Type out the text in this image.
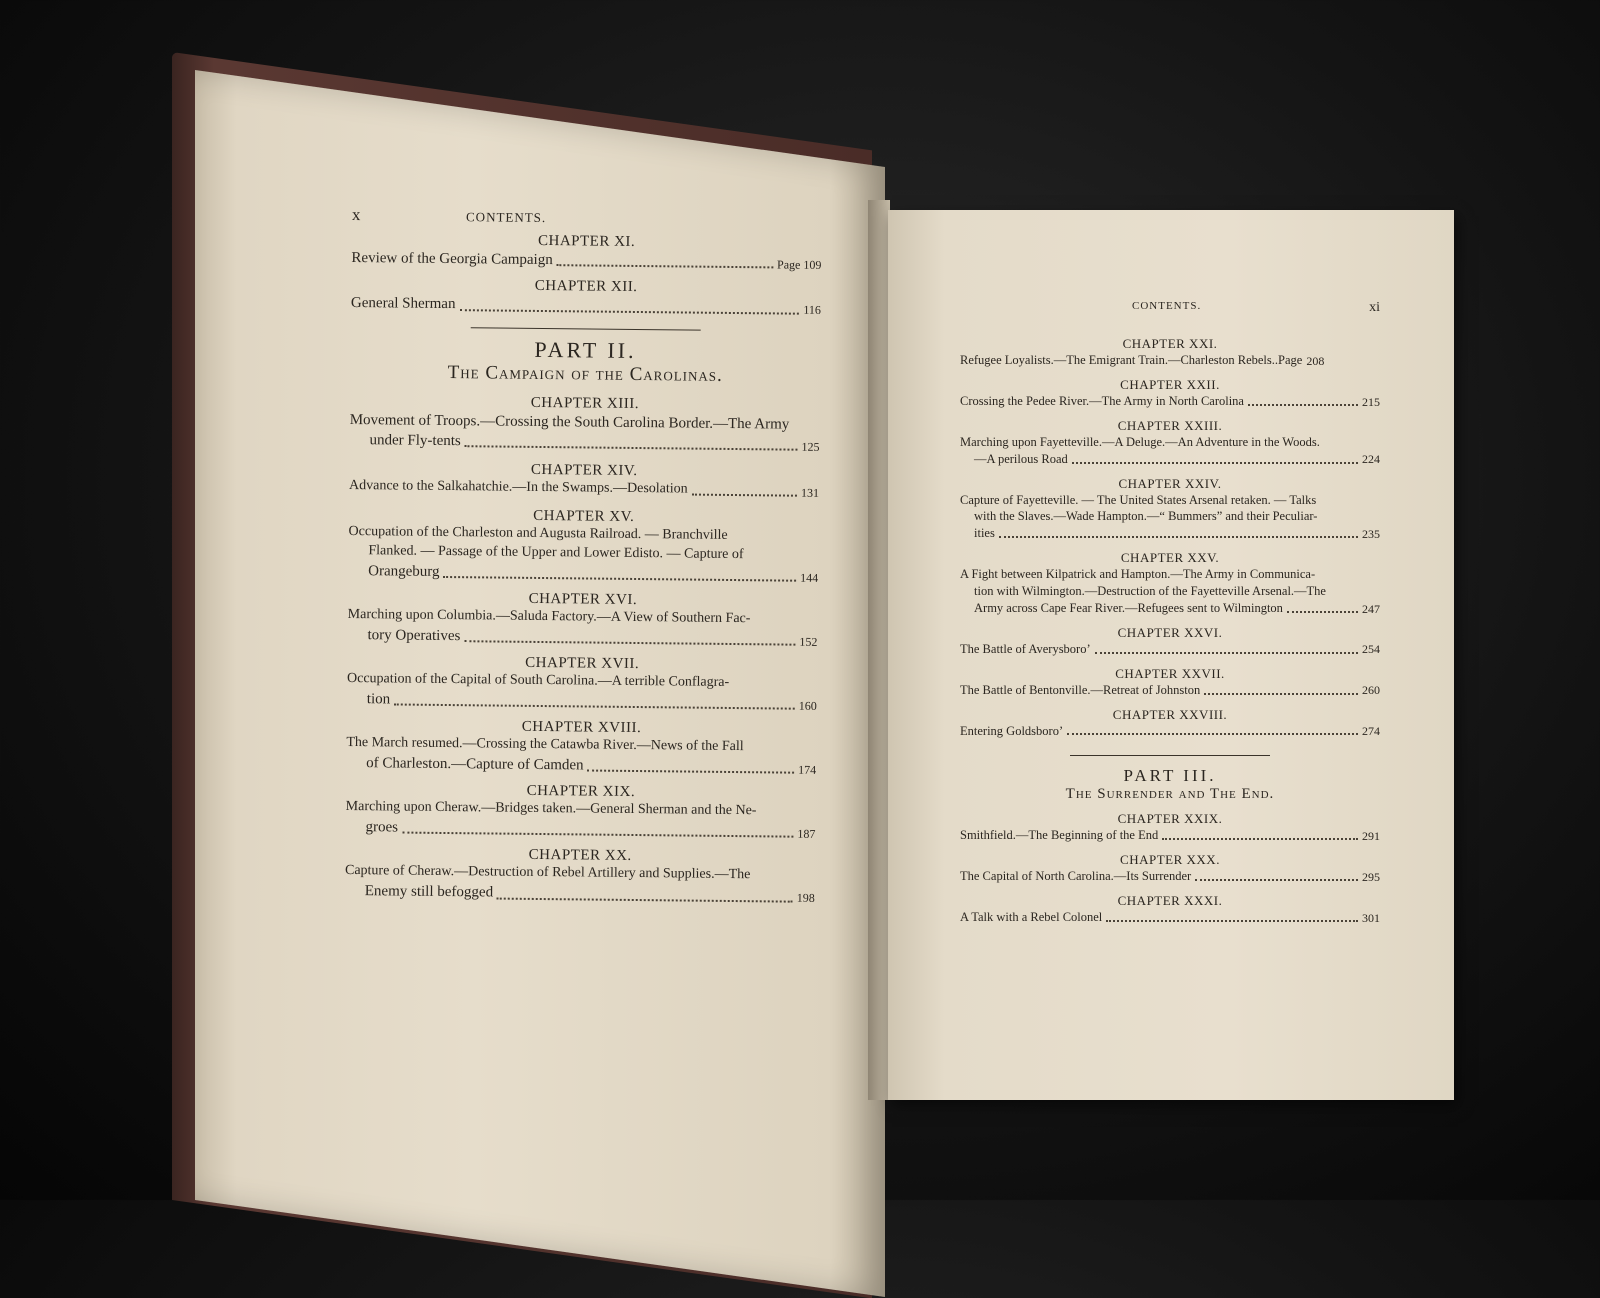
x	CONTENTS.

CHAPTER XI.

Review of the Georgia Campaign	Page 109

CHAPTER XII.

General Sherman	116

PART II.

The Campaign of the Carolinas.

CHAPTER XIII.

Movement of Troops.—Crossing the South Carolina Border.—The Army
under Fly-tents	125

CHAPTER XIV.

Advance to the Salkahatchie.—In the Swamps.—Desolation	131

CHAPTER XV.

Occupation of the Charleston and Augusta Railroad. — Branchville
Flanked. — Passage of the Upper and Lower Edisto. — Capture of
Orangeburg	144

CHAPTER XVI.

Marching upon Columbia.—Saluda Factory.—A View of Southern Fac-
tory Operatives	152

CHAPTER XVII.

Occupation of the Capital of South Carolina.—A terrible Conflagra-
tion	160

CHAPTER XVIII.

The March resumed.—Crossing the Catawba River.—News of the Fall
of Charleston.—Capture of Camden	174

CHAPTER XIX.

Marching upon Cheraw.—Bridges taken.—General Sherman and the Ne-
groes	187

CHAPTER XX.

Capture of Cheraw.—Destruction of Rebel Artillery and Supplies.—The
Enemy still befogged	198
CONTENTS.	xi

CHAPTER XXI.

Refugee Loyalists.—The Emigrant Train.—Charleston Rebels..Page 208

CHAPTER XXII.

Crossing the Pedee River.—The Army in North Carolina	215

CHAPTER XXIII.

Marching upon Fayetteville.—A Deluge.—An Adventure in the Woods.
—A perilous Road	224

CHAPTER XXIV.

Capture of Fayetteville. — The United States Arsenal retaken. — Talks
with the Slaves.—Wade Hampton.—“ Bummers” and their Peculiar-
ities	235

CHAPTER XXV.

A Fight between Kilpatrick and Hampton.—The Army in Communica-
tion with Wilmington.—Destruction of the Fayetteville Arsenal.—The
Army across Cape Fear River.—Refugees sent to Wilmington	247

CHAPTER XXVI.

The Battle of Averysboro’	254

CHAPTER XXVII.

The Battle of Bentonville.—Retreat of Johnston	260

CHAPTER XXVIII.

Entering Goldsboro’	274

PART III.

The Surrender and The End.

CHAPTER XXIX.

Smithfield.—The Beginning of the End	291

CHAPTER XXX.

The Capital of North Carolina.—Its Surrender	295

CHAPTER XXXI.

A Talk with a Rebel Colonel	301
